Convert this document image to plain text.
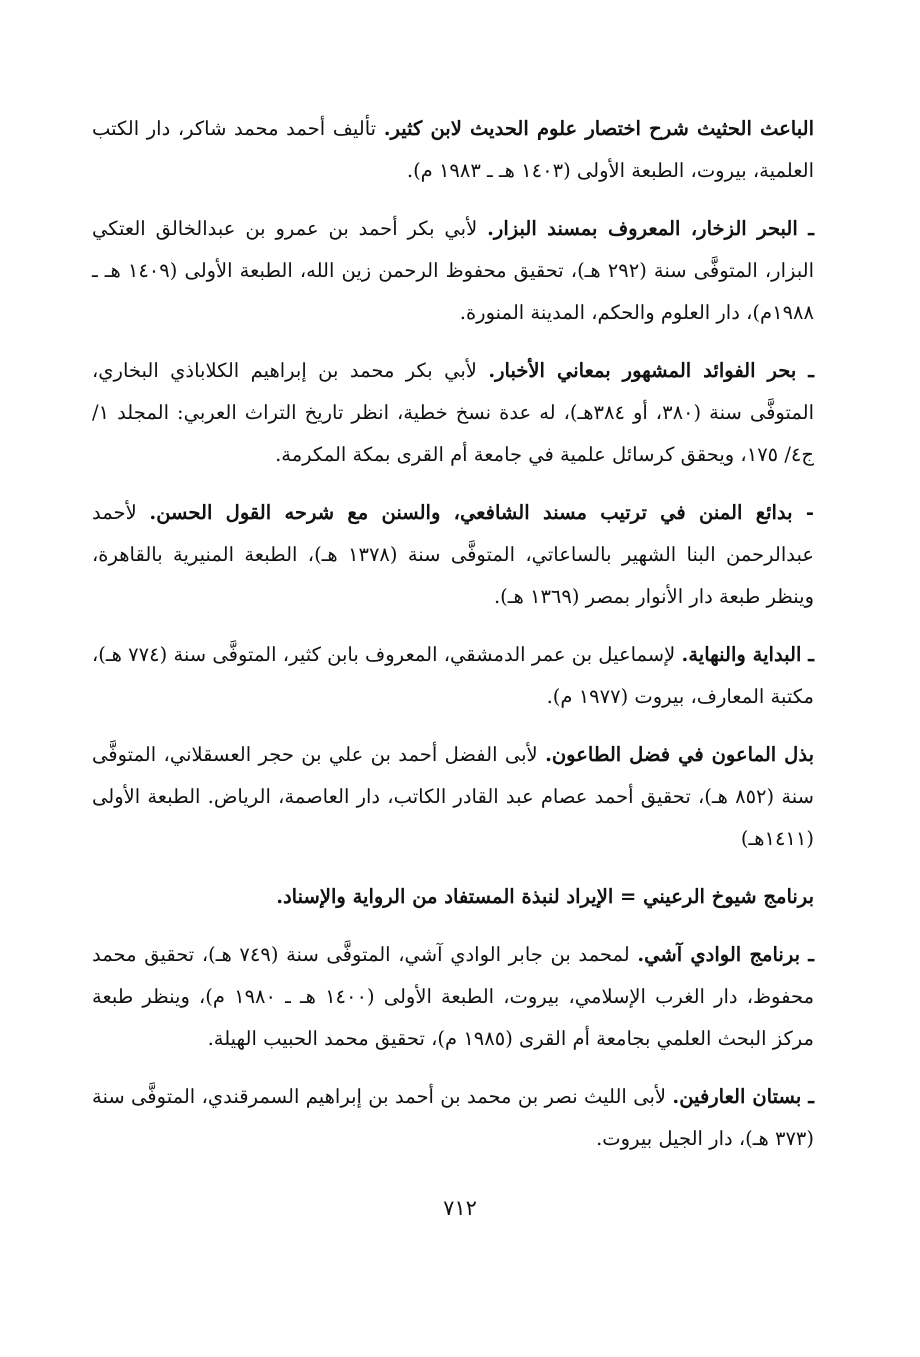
الباعث الحثيث شرح اختصار علوم الحديث لابن كثير. تأليف أحمد محمد شاكر، دار الكتب العلمية، بيروت، الطبعة الأولى (١٤٠٣ هـ ـ ١٩٨٣ م).

ـ البحر الزخار، المعروف بمسند البزار. لأبي بكر أحمد بن عمرو بن عبدالخالق العتكي البزار، المتوفَّى سنة (٢٩٢ هـ)، تحقيق محفوظ الرحمن زين الله، الطبعة الأولى (١٤٠٩ هـ ـ ١٩٨٨م)، دار العلوم والحكم، المدينة المنورة.

ـ بحر الفوائد المشهور بمعاني الأخبار. لأبي بكر محمد بن إبراهيم الكلاباذي البخاري، المتوفَّى سنة (٣٨٠، أو ٣٨٤هـ)، له عدة نسخ خطية، انظر تاريخ التراث العربي: المجلد ١/ ج٤/ ١٧٥، ويحقق كرسائل علمية في جامعة أم القرى بمكة المكرمة.

- بدائع المنن في ترتيب مسند الشافعي، والسنن مع شرحه القول الحسن. لأحمد عبدالرحمن البنا الشهير بالساعاتي، المتوفَّى سنة (١٣٧٨ هـ)، الطبعة المنيرية بالقاهرة، وينظر طبعة دار الأنوار بمصر (١٣٦٩ هـ).

ـ البداية والنهاية. لإسماعيل بن عمر الدمشقي، المعروف بابن كثير، المتوفَّى سنة (٧٧٤ هـ)، مكتبة المعارف، بيروت (١٩٧٧ م).

بذل الماعون في فضل الطاعون. لأبى الفضل أحمد بن علي بن حجر العسقلاني، المتوفَّى سنة (٨٥٢ هـ)، تحقيق أحمد عصام عبد القادر الكاتب، دار العاصمة، الرياض. الطبعة الأولى (١٤١١هـ)

برنامج شيوخ الرعيني = الإيراد لنبذة المستفاد من الرواية والإسناد.

ـ برنامج الوادي آشي. لمحمد بن جابر الوادي آشي، المتوفَّى سنة (٧٤٩ هـ)، تحقيق محمد محفوظ، دار الغرب الإسلامي، بيروت، الطبعة الأولى (١٤٠٠ هـ ـ ١٩٨٠ م)، وينظر طبعة مركز البحث العلمي بجامعة أم القرى (١٩٨٥ م)، تحقيق محمد الحبيب الهيلة.

ـ بستان العارفين. لأبى الليث نصر بن محمد بن أحمد بن إبراهيم السمرقندي، المتوفَّى سنة (٣٧٣ هـ)، دار الجيل بيروت.

٧١٢
